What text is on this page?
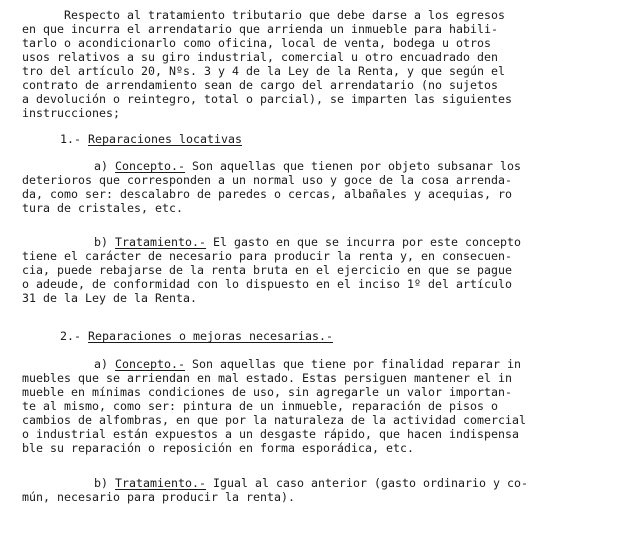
Respecto al tratamiento tributario que debe darse a los egresos
en que incurra el arrendatario que arrienda un inmueble para habili-
tarlo o acondicionarlo como oficina, local de venta, bodega u otros
usos relativos a su giro industrial, comercial u otro encuadrado den
tro del artículo 20, Nºs. 3 y 4 de la Ley de la Renta, y que según el
contrato de arrendamiento sean de cargo del arrendatario (no sujetos
a devolución o reintegro, total o parcial), se imparten las siguientes
instrucciones;
1.- Reparaciones locativas
a) Concepto.- Son aquellas que tienen por objeto subsanar los
deterioros que corresponden a un normal uso y goce de la cosa arrenda-
da, como ser: descalabro de paredes o cercas, albañales y acequias, ro
tura de cristales, etc.
b) Tratamiento.- El gasto en que se incurra por este concepto
tiene el carácter de necesario para producir la renta y, en consecuen-
cia, puede rebajarse de la renta bruta en el ejercicio en que se pague
o adeude, de conformidad con lo dispuesto en el inciso 1º del artículo
31 de la Ley de la Renta.
2.- Reparaciones o mejoras necesarias.-
a) Concepto.- Son aquellas que tiene por finalidad reparar in
muebles que se arriendan en mal estado. Estas persiguen mantener el in
mueble en mínimas condiciones de uso, sin agregarle un valor importan-
te al mismo, como ser: pintura de un inmueble, reparación de pisos o
cambios de alfombras, en que por la naturaleza de la actividad comercial
o industrial están expuestos a un desgaste rápido, que hacen indispensa
ble su reparación o reposición en forma esporádica, etc.
b) Tratamiento.- Igual al caso anterior (gasto ordinario y co-
mún, necesario para producir la renta).
